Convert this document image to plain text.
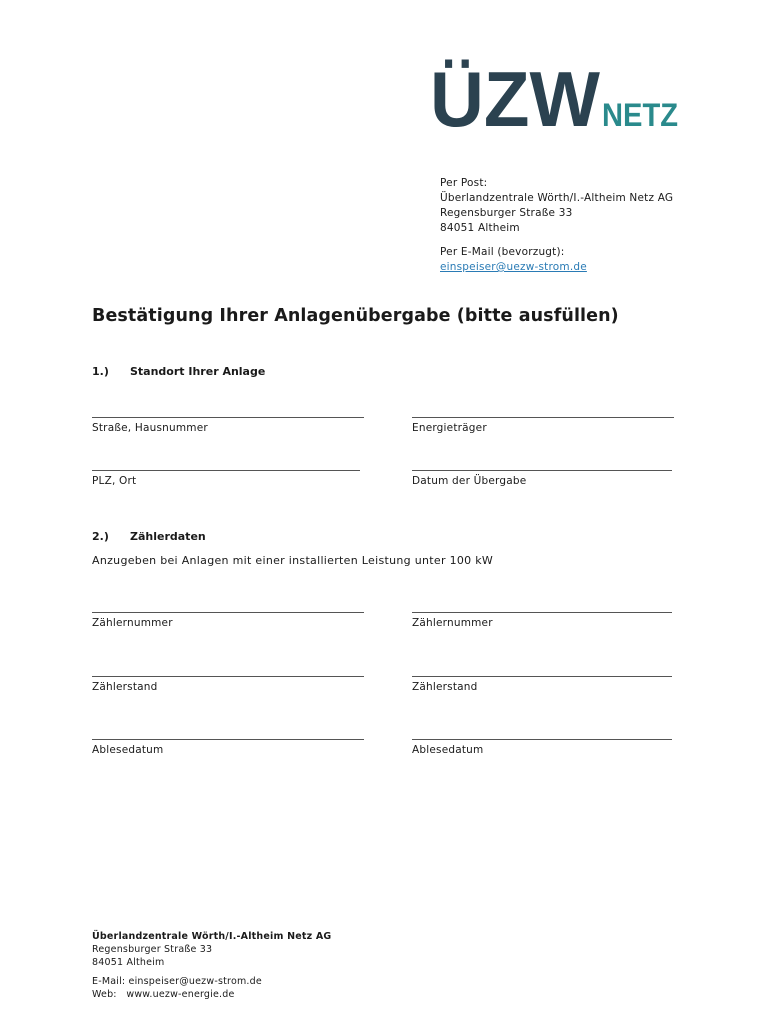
ÜZW NETZ
Per Post:
Überlandzentrale Wörth/I.-Altheim Netz AG
Regensburger Straße 33
84051 Altheim
Per E-Mail (bevorzugt):
einspeiser@uezw-strom.de
Bestätigung Ihrer Anlagenübergabe (bitte ausfüllen)
1.) Standort Ihrer Anlage
Straße, Hausnummer	Energieträger
PLZ, Ort	Datum der Übergabe
2.) Zählerdaten
Anzugeben bei Anlagen mit einer installierten Leistung unter 100 kW
Zählernummer	Zählernummer
Zählerstand	Zählerstand
Ablesedatum	Ablesedatum
Überlandzentrale Wörth/I.-Altheim Netz AG
Regensburger Straße 33
84051 Altheim
E-Mail: einspeiser@uezw-strom.de
Web:   www.uezw-energie.de
